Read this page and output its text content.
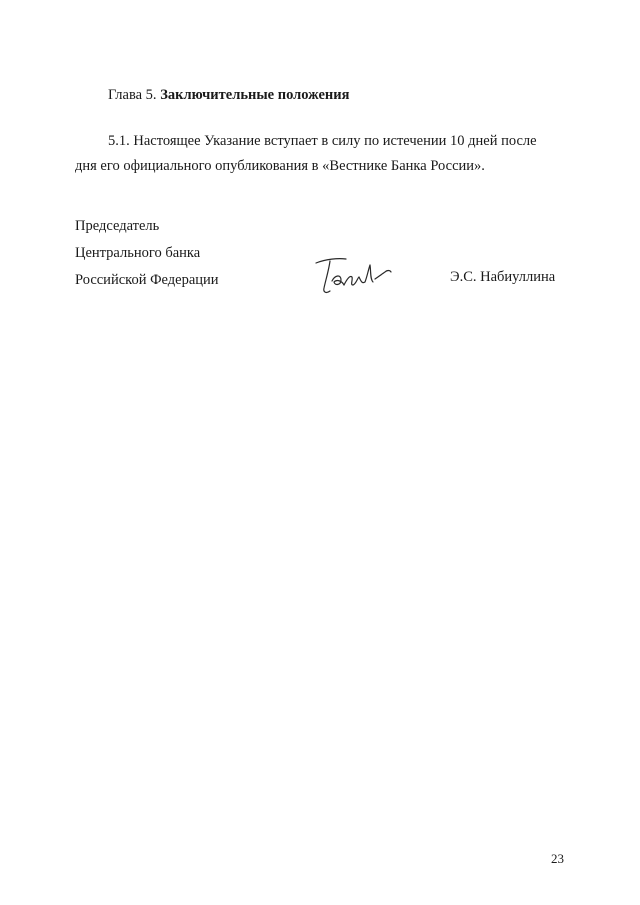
Глава 5. Заключительные положения
5.1. Настоящее Указание вступает в силу по истечении 10 дней после
дня его официального опубликования в «Вестнике Банка России».
Председатель
Центрального банка
Российской Федерации	Э.С. Набиуллина
23
